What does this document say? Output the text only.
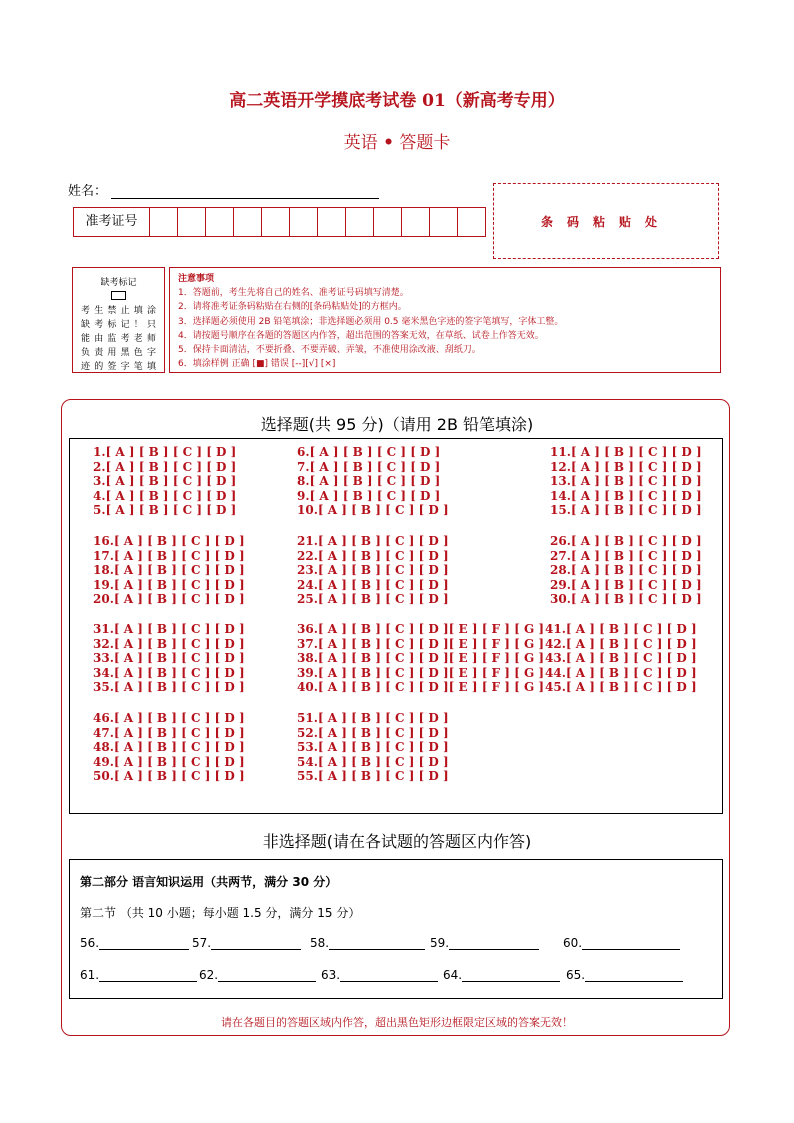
高二英语开学摸底考试卷 01（新高考专用）
英语 • 答题卡
姓名：
准考证号	条码粘贴处
缺考标记
考生禁止填涂
缺考标记！只
能由监考老师
负责用黑色字
迹的签字笔填
注意事项
1．答题前，考生先将自己的姓名、准考证号码填写清楚。
2．请将准考证条码粘贴在右侧的[条码粘贴处]的方框内。
3．选择题必须使用 2B 铅笔填涂；非选择题必须用 0.5 毫米黑色字迹的签字笔填写，字体工整。
4．请按题号顺序在各题的答题区内作答，超出范围的答案无效，在草纸、试卷上作答无效。
5．保持卡面清洁，不要折叠、不要弄破、弄皱，不准使用涂改液、刮纸刀。
6．填涂样例 正确 [■] 错误 [--][√] [×]
选择题(共 95 分)（请用 2B 铅笔填涂)
1.[ A ] [ B ] [ C ] [ D ]
2.[ A ] [ B ] [ C ] [ D ]
3.[ A ] [ B ] [ C ] [ D ]
4.[ A ] [ B ] [ C ] [ D ]
5.[ A ] [ B ] [ C ] [ D ]
6.[ A ] [ B ] [ C ] [ D ]
7.[ A ] [ B ] [ C ] [ D ]
8.[ A ] [ B ] [ C ] [ D ]
9.[ A ] [ B ] [ C ] [ D ]
10.[ A ] [ B ] [ C ] [ D ]
11.[ A ] [ B ] [ C ] [ D ]
12.[ A ] [ B ] [ C ] [ D ]
13.[ A ] [ B ] [ C ] [ D ]
14.[ A ] [ B ] [ C ] [ D ]
15.[ A ] [ B ] [ C ] [ D ]
16.[ A ] [ B ] [ C ] [ D ]
17.[ A ] [ B ] [ C ] [ D ]
18.[ A ] [ B ] [ C ] [ D ]
19.[ A ] [ B ] [ C ] [ D ]
20.[ A ] [ B ] [ C ] [ D ]
21.[ A ] [ B ] [ C ] [ D ]
22.[ A ] [ B ] [ C ] [ D ]
23.[ A ] [ B ] [ C ] [ D ]
24.[ A ] [ B ] [ C ] [ D ]
25.[ A ] [ B ] [ C ] [ D ]
26.[ A ] [ B ] [ C ] [ D ]
27.[ A ] [ B ] [ C ] [ D ]
28.[ A ] [ B ] [ C ] [ D ]
29.[ A ] [ B ] [ C ] [ D ]
30.[ A ] [ B ] [ C ] [ D ]
31.[ A ] [ B ] [ C ] [ D ]
32.[ A ] [ B ] [ C ] [ D ]
33.[ A ] [ B ] [ C ] [ D ]
34.[ A ] [ B ] [ C ] [ D ]
35.[ A ] [ B ] [ C ] [ D ]
36.[ A ] [ B ] [ C ] [ D ][ E ] [ F ] [ G ]
37.[ A ] [ B ] [ C ] [ D ][ E ] [ F ] [ G ]
38.[ A ] [ B ] [ C ] [ D ][ E ] [ F ] [ G ]
39.[ A ] [ B ] [ C ] [ D ][ E ] [ F ] [ G ]
40.[ A ] [ B ] [ C ] [ D ][ E ] [ F ] [ G ]
41.[ A ] [ B ] [ C ] [ D ]
42.[ A ] [ B ] [ C ] [ D ]
43.[ A ] [ B ] [ C ] [ D ]
44.[ A ] [ B ] [ C ] [ D ]
45.[ A ] [ B ] [ C ] [ D ]
46.[ A ] [ B ] [ C ] [ D ]
47.[ A ] [ B ] [ C ] [ D ]
48.[ A ] [ B ] [ C ] [ D ]
49.[ A ] [ B ] [ C ] [ D ]
50.[ A ] [ B ] [ C ] [ D ]
51.[ A ] [ B ] [ C ] [ D ]
52.[ A ] [ B ] [ C ] [ D ]
53.[ A ] [ B ] [ C ] [ D ]
54.[ A ] [ B ] [ C ] [ D ]
55.[ A ] [ B ] [ C ] [ D ]
非选择题(请在各试题的答题区内作答)
第二部分 语言知识运用（共两节，满分 30 分）
第二节 （共 10 小题；每小题 1.5 分，满分 15 分）
56.	57.	58.	59.	60.
61.	62.	63.	64.	65.
请在各题目的答题区域内作答，超出黑色矩形边框限定区域的答案无效！
